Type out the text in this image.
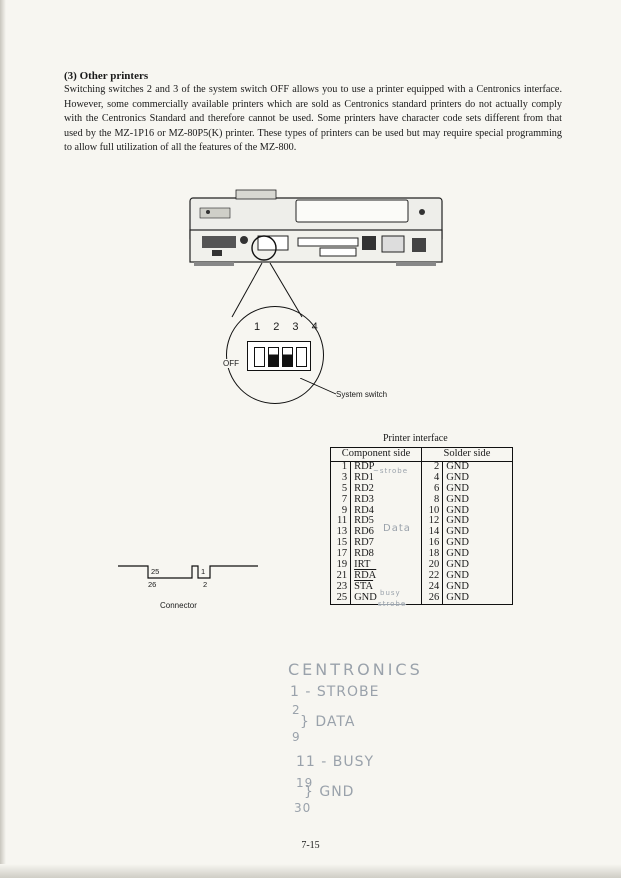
(3) Other printers
Switching switches 2 and 3 of the system switch OFF allows you to use a printer equipped with a Centronics interface. However, some commercially available printers which are sold as Centronics standard printers do not actually comply with the Centronics Standard and therefore cannot be used. Some printers have character code sets different from that used by the MZ-1P16 or MZ-80P5(K) printer. These types of printers can be used but may require special programming to allow full utilization of all the features of the MZ-800.
1 2 3 4
OFF
System switch
Printer interface
Component side		Solder side	
1	RDP	2	GND
3	RD1	4	GND
5	RD2	6	GND
7	RD3	8	GND
9	RD4	10	GND
11	RD5	12	GND
13	RD6	14	GND
15	RD7	16	GND
17	RD8	18	GND
19	IRT	20	GND
21	$\overline{RDA}$	22	GND
23	$\overline{STA}$	24	GND
25	GND	26	GND
25	1
26	2
Connector
~strobe
Data
busy
strobe
CENTRONICS
1 - STROBE
2
} DATA
9
11 - BUSY
19
} GND
30
7-15
